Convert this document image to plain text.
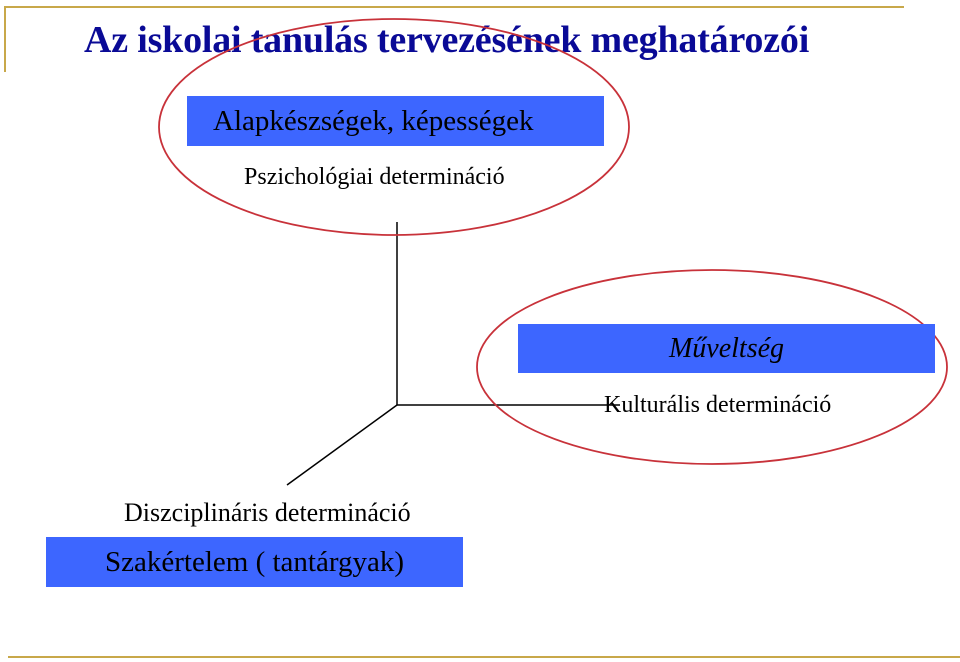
Az iskolai tanulás tervezésének meghatározói
Alapkészségek, képességek
Pszichológiai determináció
Műveltség
Kulturális determináció
Diszciplináris determináció
Szakértelem ( tantárgyak)
